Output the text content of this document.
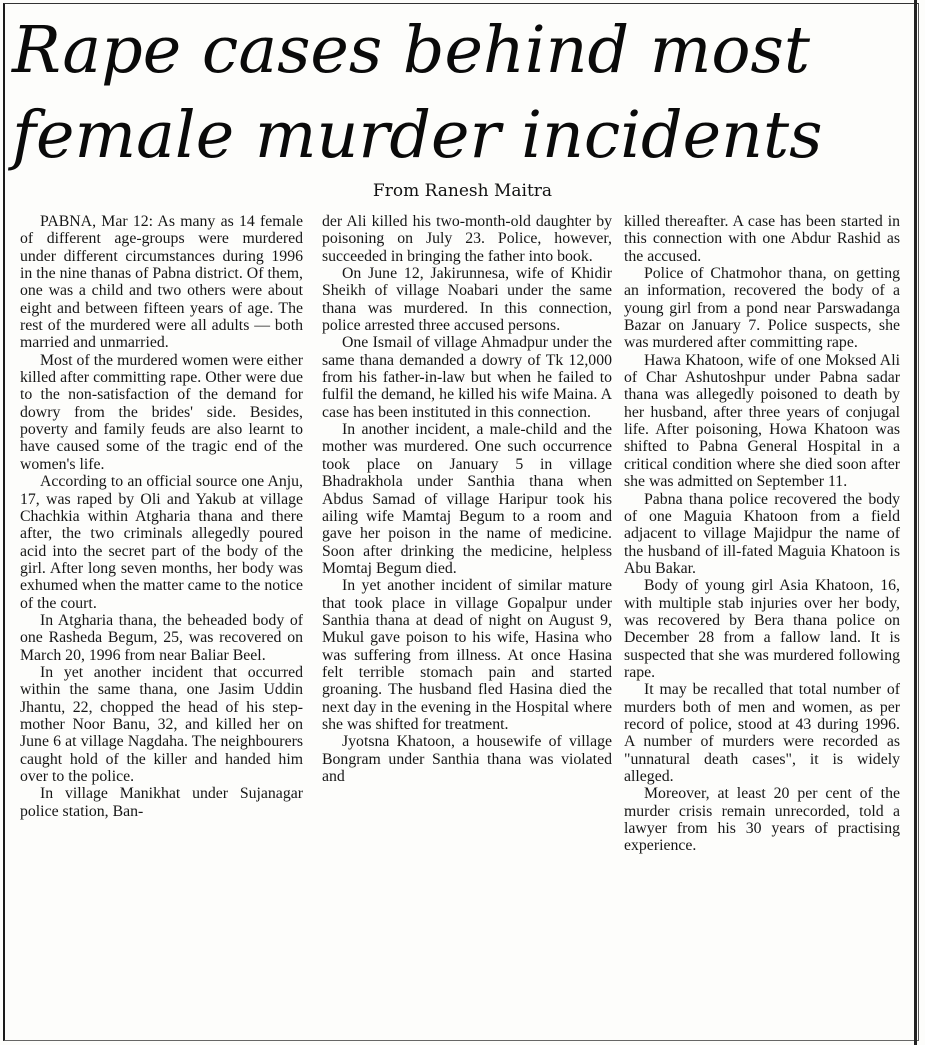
Rape cases behind most
female murder incidents
From Ranesh Maitra

PABNA, Mar 12: As many as 14 female of different age-groups were murdered under different circumstances during 1996 in the nine thanas of Pabna district. Of them, one was a child and two others were about eight and between fifteen years of age. The rest of the murdered were all adults — both married and unmarried.

Most of the murdered women were either killed after committing rape. Other were due to the non-satisfaction of the demand for dowry from the brides' side. Besides, poverty and family feuds are also learnt to have caused some of the tragic end of the women's life.

According to an official source one Anju, 17, was raped by Oli and Yakub at village Chachkia within Atgharia thana and there after, the two criminals allegedly poured acid into the secret part of the body of the girl. After long seven months, her body was exhumed when the matter came to the notice of the court.

In Atgharia thana, the beheaded body of one Rasheda Begum, 25, was recovered on March 20, 1996 from near Baliar Beel.

In yet another incident that occurred within the same thana, one Jasim Uddin Jhantu, 22, chopped the head of his step-mother Noor Banu, 32, and killed her on June 6 at village Nagdaha. The neighbourers caught hold of the killer and handed him over to the police.

In village Manikhat under Sujanagar police station, Ban-

der Ali killed his two-month-old daughter by poisoning on July 23. Police, however, succeeded in bringing the father into book.

On June 12, Jakirunnesa, wife of Khidir Sheikh of village Noabari under the same thana was murdered. In this connection, police arrested three accused persons.

One Ismail of village Ahmadpur under the same thana demanded a dowry of Tk 12,000 from his father-in-law but when he failed to fulfil the demand, he killed his wife Maina. A case has been instituted in this connection.

In another incident, a male-child and the mother was murdered. One such occurrence took place on January 5 in village Bhadrakhola under Santhia thana when Abdus Samad of village Haripur took his ailing wife Mamtaj Begum to a room and gave her poison in the name of medicine. Soon after drinking the medicine, helpless Momtaj Begum died.

In yet another incident of similar mature that took place in village Gopalpur under Santhia thana at dead of night on August 9, Mukul gave poison to his wife, Hasina who was suffering from illness. At once Hasina felt terrible stomach pain and started groaning. The husband fled Hasina died the next day in the evening in the Hospital where she was shifted for treatment.

Jyotsna Khatoon, a housewife of village Bongram under Santhia thana was violated and

killed thereafter. A case has been started in this connection with one Abdur Rashid as the accused.

Police of Chatmohor thana, on getting an information, recovered the body of a young girl from a pond near Parswadanga Bazar on January 7. Police suspects, she was murdered after committing rape.

Hawa Khatoon, wife of one Moksed Ali of Char Ashutoshpur under Pabna sadar thana was allegedly poisoned to death by her husband, after three years of conjugal life. After poisoning, Howa Khatoon was shifted to Pabna General Hospital in a critical condition where she died soon after she was admitted on September 11.

Pabna thana police recovered the body of one Maguia Khatoon from a field adjacent to village Majidpur the name of the husband of ill-fated Maguia Khatoon is Abu Bakar.

Body of young girl Asia Khatoon, 16, with multiple stab injuries over her body, was recovered by Bera thana police on December 28 from a fallow land. It is suspected that she was murdered following rape.

It may be recalled that total number of murders both of men and women, as per record of police, stood at 43 during 1996. A number of murders were recorded as "unnatural death cases", it is widely alleged.

Moreover, at least 20 per cent of the murder crisis remain unrecorded, told a lawyer from his 30 years of practising experience.
